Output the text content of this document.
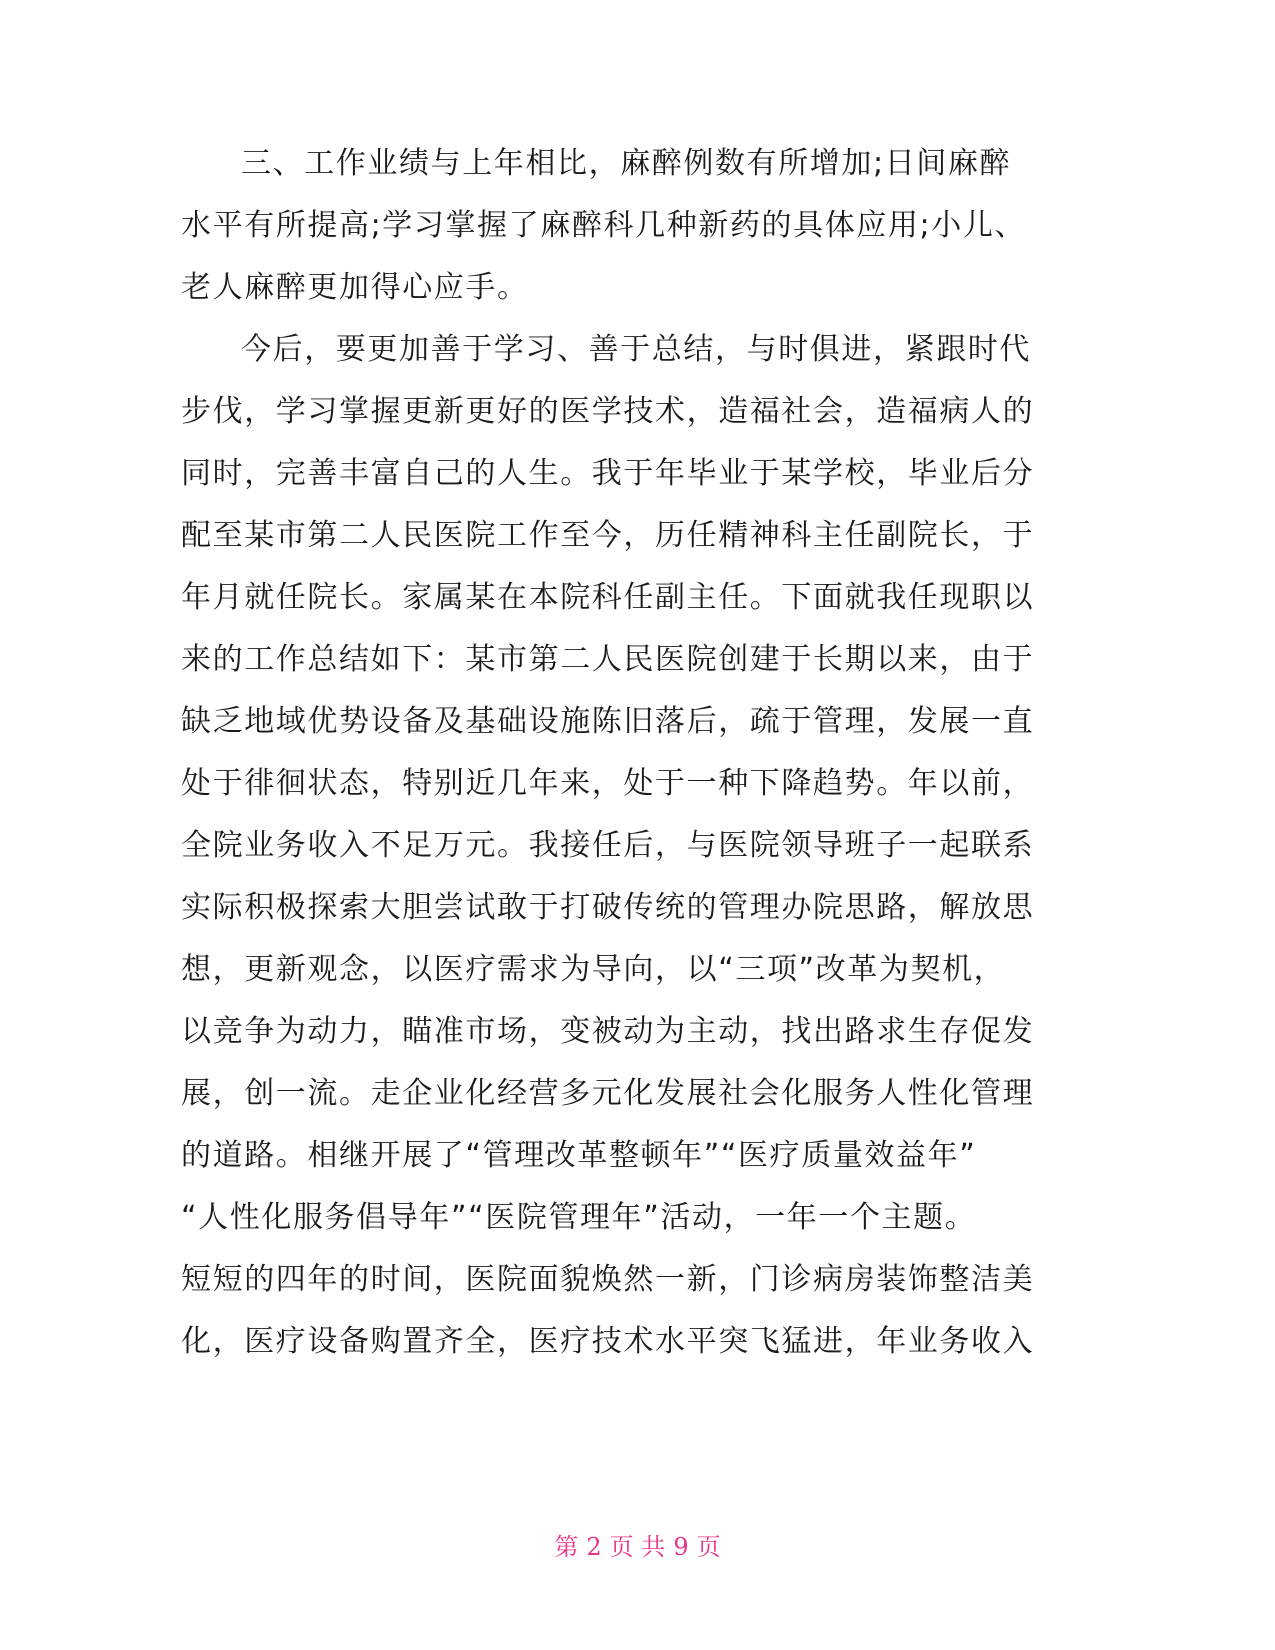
三、工作业绩与上年相比，麻醉例数有所增加;日间麻醉
水平有所提高;学习掌握了麻醉科几种新药的具体应用;小儿、
老人麻醉更加得心应手。
今后，要更加善于学习、善于总结，与时俱进，紧跟时代
步伐，学习掌握更新更好的医学技术，造福社会，造福病人的
同时，完善丰富自己的人生。我于年毕业于某学校，毕业后分
配至某市第二人民医院工作至今，历任精神科主任副院长，于
年月就任院长。家属某在本院科任副主任。下面就我任现职以
来的工作总结如下：某市第二人民医院创建于长期以来，由于
缺乏地域优势设备及基础设施陈旧落后，疏于管理，发展一直
处于徘徊状态，特别近几年来，处于一种下降趋势。年以前，
全院业务收入不足万元。我接任后，与医院领导班子一起联系
实际积极探索大胆尝试敢于打破传统的管理办院思路，解放思
想，更新观念，以医疗需求为导向，以“三项”改革为契机，
以竞争为动力，瞄准市场，变被动为主动，找出路求生存促发
展，创一流。走企业化经营多元化发展社会化服务人性化管理
的道路。相继开展了“管理改革整顿年”“医疗质量效益年”
“人性化服务倡导年”“医院管理年”活动，一年一个主题。
短短的四年的时间，医院面貌焕然一新，门诊病房装饰整洁美
化，医疗设备购置齐全，医疗技术水平突飞猛进，年业务收入
第 2 页 共 9 页
